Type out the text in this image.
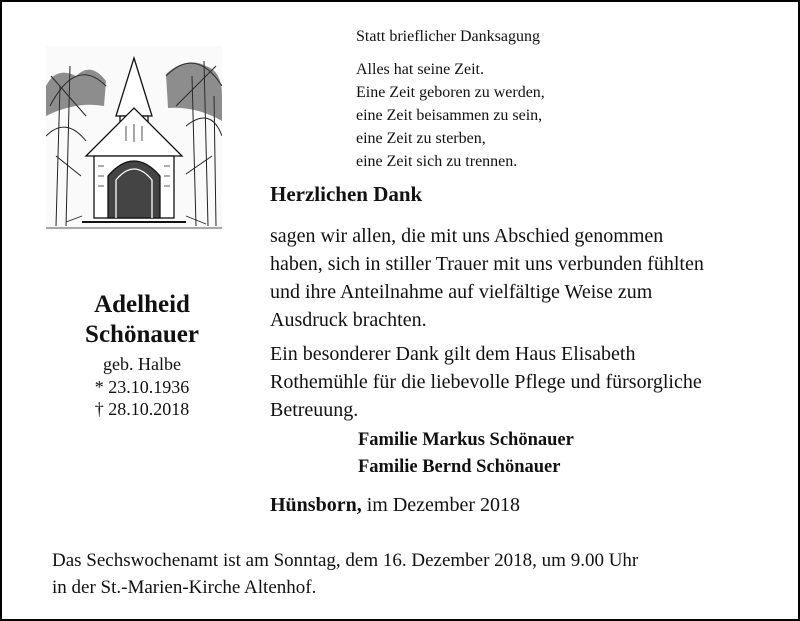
Adelheid
Schönauer
geb. Halbe
* 23.10.1936
† 28.10.2018
Statt brieflicher Danksagung
Alles hat seine Zeit.
Eine Zeit geboren zu werden,
eine Zeit beisammen zu sein,
eine Zeit zu sterben,
eine Zeit sich zu trennen.
Herzlichen Dank
sagen wir allen, die mit uns Abschied genommen
haben, sich in stiller Trauer mit uns verbunden fühlten
und ihre Anteilnahme auf vielfältige Weise zum
Ausdruck brachten.
Ein besonderer Dank gilt dem Haus Elisabeth
Rothemühle für die liebevolle Pflege und fürsorgliche
Betreuung.
Familie Markus Schönauer
Familie Bernd Schönauer
Hünsborn, im Dezember 2018
Das Sechswochenamt ist am Sonntag, dem 16. Dezember 2018, um 9.00 Uhr
in der St.-Marien-Kirche Altenhof.
